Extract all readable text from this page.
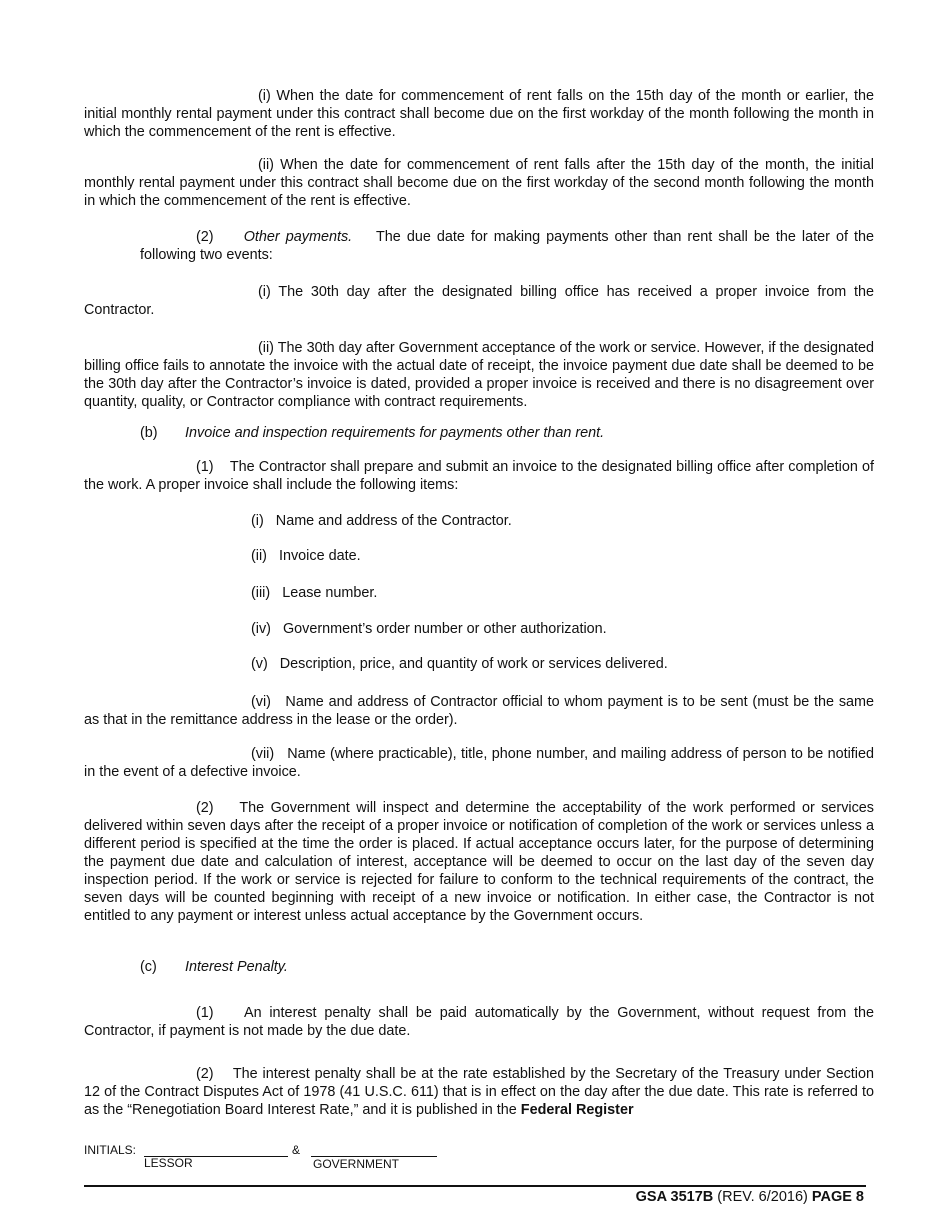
(i) When the date for commencement of rent falls on the 15th day of the month or earlier, the initial monthly rental payment under this contract shall become due on the first workday of the month following the month in which the commencement of the rent is effective.

(ii) When the date for commencement of rent falls after the 15th day of the month, the initial monthly rental payment under this contract shall become due on the first workday of the second month following the month in which the commencement of the rent is effective.

(2) Other payments. The due date for making payments other than rent shall be the later of the following two events:

(i) The 30th day after the designated billing office has received a proper invoice from the Contractor.

(ii) The 30th day after Government acceptance of the work or service. However, if the designated billing office fails to annotate the invoice with the actual date of receipt, the invoice payment due date shall be deemed to be the 30th day after the Contractor’s invoice is dated, provided a proper invoice is received and there is no disagreement over quantity, quality, or Contractor compliance with contract requirements.

(b) Invoice and inspection requirements for payments other than rent.

(1) The Contractor shall prepare and submit an invoice to the designated billing office after completion of the work. A proper invoice shall include the following items:

(i) Name and address of the Contractor.
(ii) Invoice date.
(iii) Lease number.
(iv) Government’s order number or other authorization.
(v) Description, price, and quantity of work or services delivered.

(vi) Name and address of Contractor official to whom payment is to be sent (must be the same as that in the remittance address in the lease or the order).

(vii) Name (where practicable), title, phone number, and mailing address of person to be notified in the event of a defective invoice.

(2) The Government will inspect and determine the acceptability of the work performed or services delivered within seven days after the receipt of a proper invoice or notification of completion of the work or services unless a different period is specified at the time the order is placed. If actual acceptance occurs later, for the purpose of determining the payment due date and calculation of interest, acceptance will be deemed to occur on the last day of the seven day inspection period. If the work or service is rejected for failure to conform to the technical requirements of the contract, the seven days will be counted beginning with receipt of a new invoice or notification. In either case, the Contractor is not entitled to any payment or interest unless actual acceptance by the Government occurs.

(c) Interest Penalty.

(1) An interest penalty shall be paid automatically by the Government, without request from the Contractor, if payment is not made by the due date.

(2) The interest penalty shall be at the rate established by the Secretary of the Treasury under Section 12 of the Contract Disputes Act of 1978 (41 U.S.C. 611) that is in effect on the day after the due date. This rate is referred to as the “Renegotiation Board Interest Rate,” and it is published in the Federal Register

INITIALS:	&
LESSOR	GOVERNMENT
GSA 3517B (REV. 6/2016) PAGE 8
